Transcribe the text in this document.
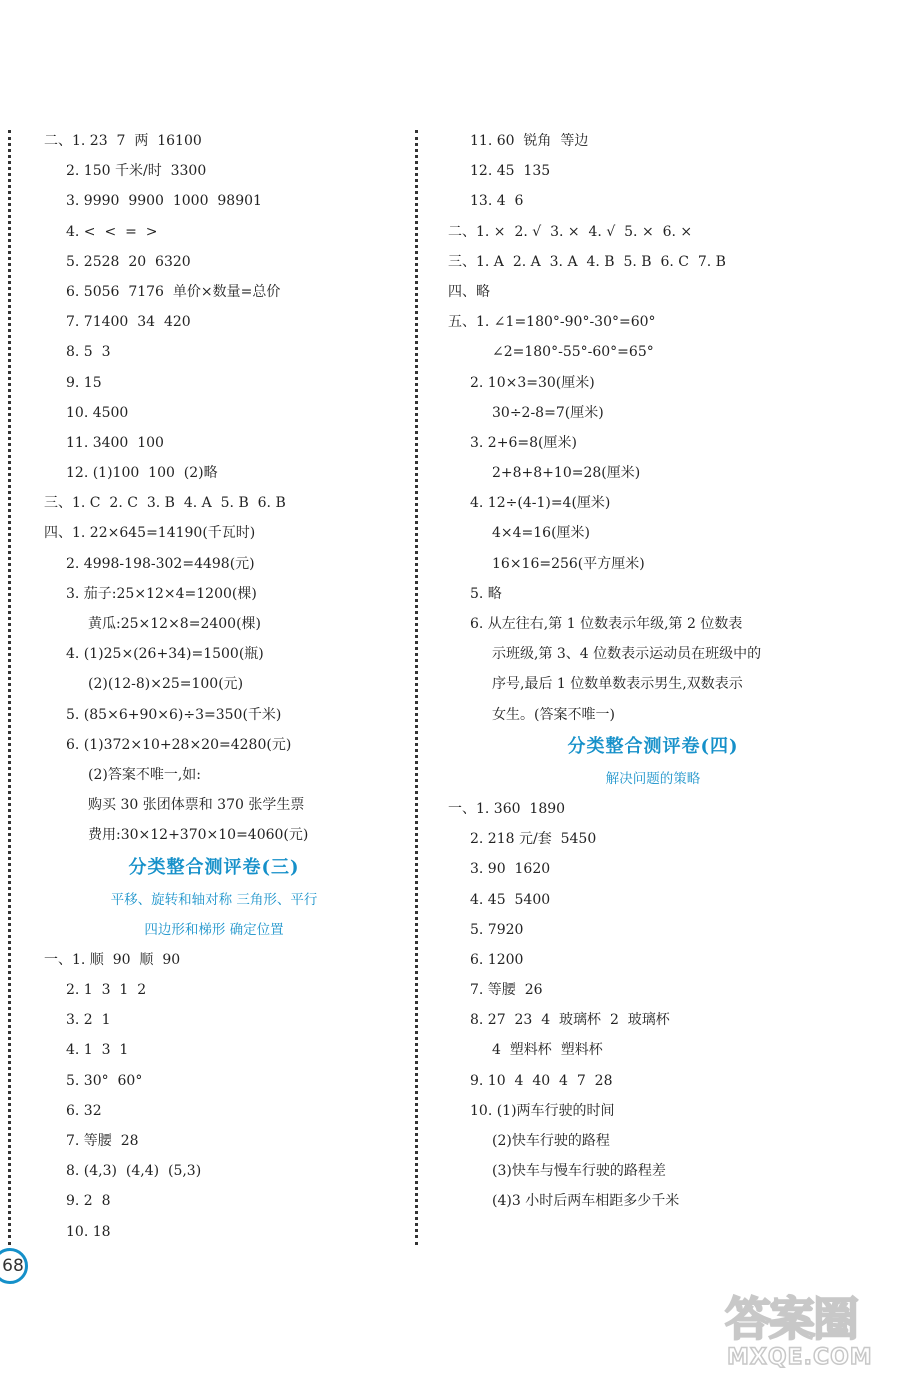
二、1. 23  7  两  16100
2. 150 千米/时  3300
3. 9990  9900  1000  98901
4. <  <  =  >
5. 2528  20  6320
6. 5056  7176  单价×数量=总价
7. 71400  34  420
8. 5  3
9. 15
10. 4500
11. 3400  100
12. (1)100  100  (2)略
三、1. C  2. C  3. B  4. A  5. B  6. B
四、1. 22×645=14190(千瓦时)
2. 4998-198-302=4498(元)
3. 茄子:25×12×4=1200(棵)
黄瓜:25×12×8=2400(棵)
4. (1)25×(26+34)=1500(瓶)
(2)(12-8)×25=100(元)
5. (85×6+90×6)÷3=350(千米)
6. (1)372×10+28×20=4280(元)
(2)答案不唯一,如:
购买 30 张团体票和 370 张学生票
费用:30×12+370×10=4060(元)
分类整合测评卷(三)
平移、旋转和轴对称 三角形、平行
四边形和梯形 确定位置
一、1. 顺  90  顺  90
2. 1  3  1  2
3. 2  1
4. 1  3  1
5. 30°  60°
6. 32
7. 等腰  28
8. (4,3)  (4,4)  (5,3)
9. 2  8
10. 18
11. 60  锐角  等边
12. 45  135
13. 4  6
二、1. ×  2. √  3. ×  4. √  5. ×  6. ×
三、1. A  2. A  3. A  4. B  5. B  6. C  7. B
四、略
五、1. ∠1=180°-90°-30°=60°
∠2=180°-55°-60°=65°
2. 10×3=30(厘米)
30÷2-8=7(厘米)
3. 2+6=8(厘米)
2+8+8+10=28(厘米)
4. 12÷(4-1)=4(厘米)
4×4=16(厘米)
16×16=256(平方厘米)
5. 略
6. 从左往右,第 1 位数表示年级,第 2 位数表
示班级,第 3、4 位数表示运动员在班级中的
序号,最后 1 位数单数表示男生,双数表示
女生。(答案不唯一)
分类整合测评卷(四)
解决问题的策略
一、1. 360  1890
2. 218 元/套  5450
3. 90  1620
4. 45  5400
5. 7920
6. 1200
7. 等腰  26
8. 27  23  4  玻璃杯  2  玻璃杯
4  塑料杯  塑料杯
9. 10  4  40  4  7  28
10. (1)两车行驶的时间
(2)快车行驶的路程
(3)快车与慢车行驶的路程差
(4)3 小时后两车相距多少千米
68
答案圈
MXQE.COM
